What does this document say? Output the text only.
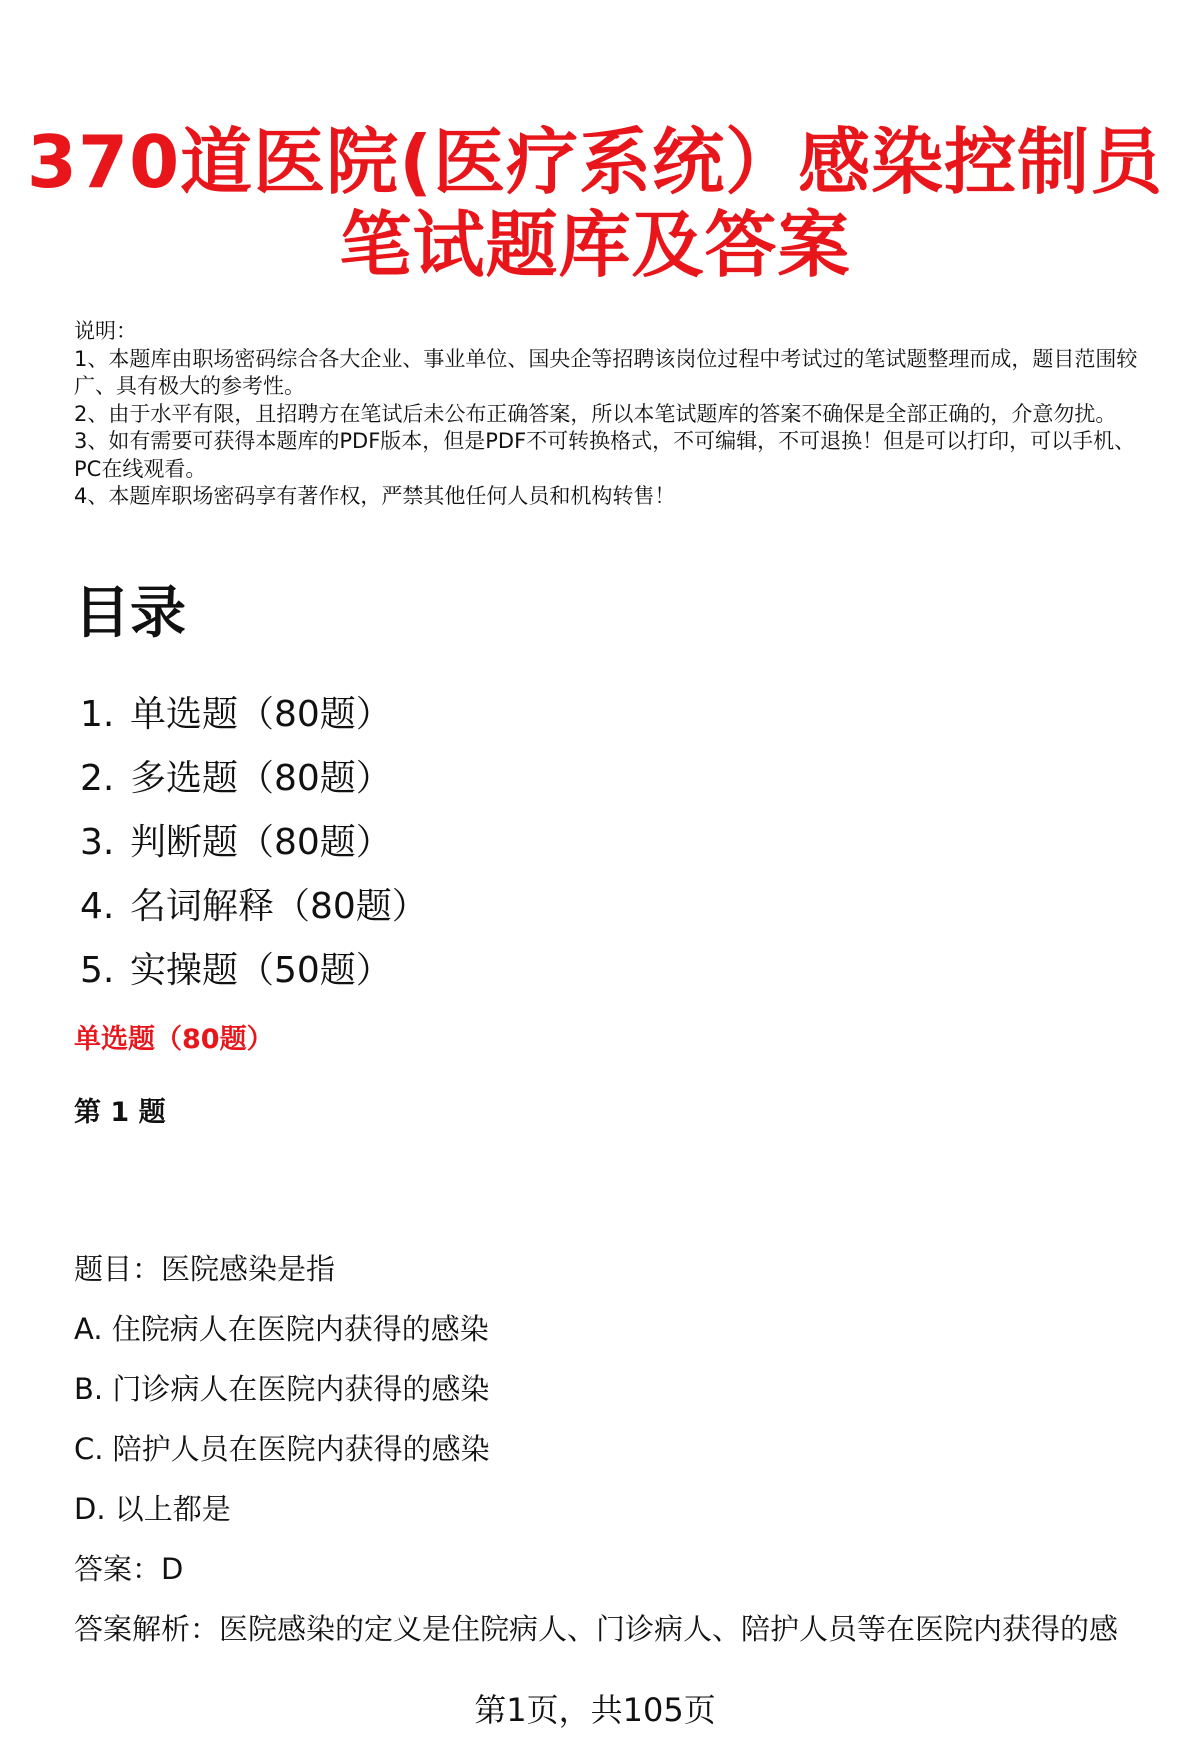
370道医院(医疗系统）感染控制员
笔试题库及答案

说明：

1、本题库由职场密码综合各大企业、事业单位、国央企等招聘该岗位过程中考试过的笔试题整理而成，题目范围较广、具有极大的参考性。

2、由于水平有限，且招聘方在笔试后未公布正确答案，所以本笔试题库的答案不确保是全部正确的，介意勿扰。

3、如有需要可获得本题库的PDF版本，但是PDF不可转换格式，不可编辑，不可退换！但是可以打印，可以手机、PC在线观看。

4、本题库职场密码享有著作权，严禁其他任何人员和机构转售！

目录
1. 单选题（80题）
2. 多选题（80题）
3. 判断题（80题）
4. 名词解释（80题）
5. 实操题（50题）
单选题（80题）
第 1 题
题目：医院感染是指
A. 住院病人在医院内获得的感染
B. 门诊病人在医院内获得的感染
C. 陪护人员在医院内获得的感染
D. 以上都是
答案：D
答案解析：医院感染的定义是住院病人、门诊病人、陪护人员等在医院内获得的感
第1页，共105页
